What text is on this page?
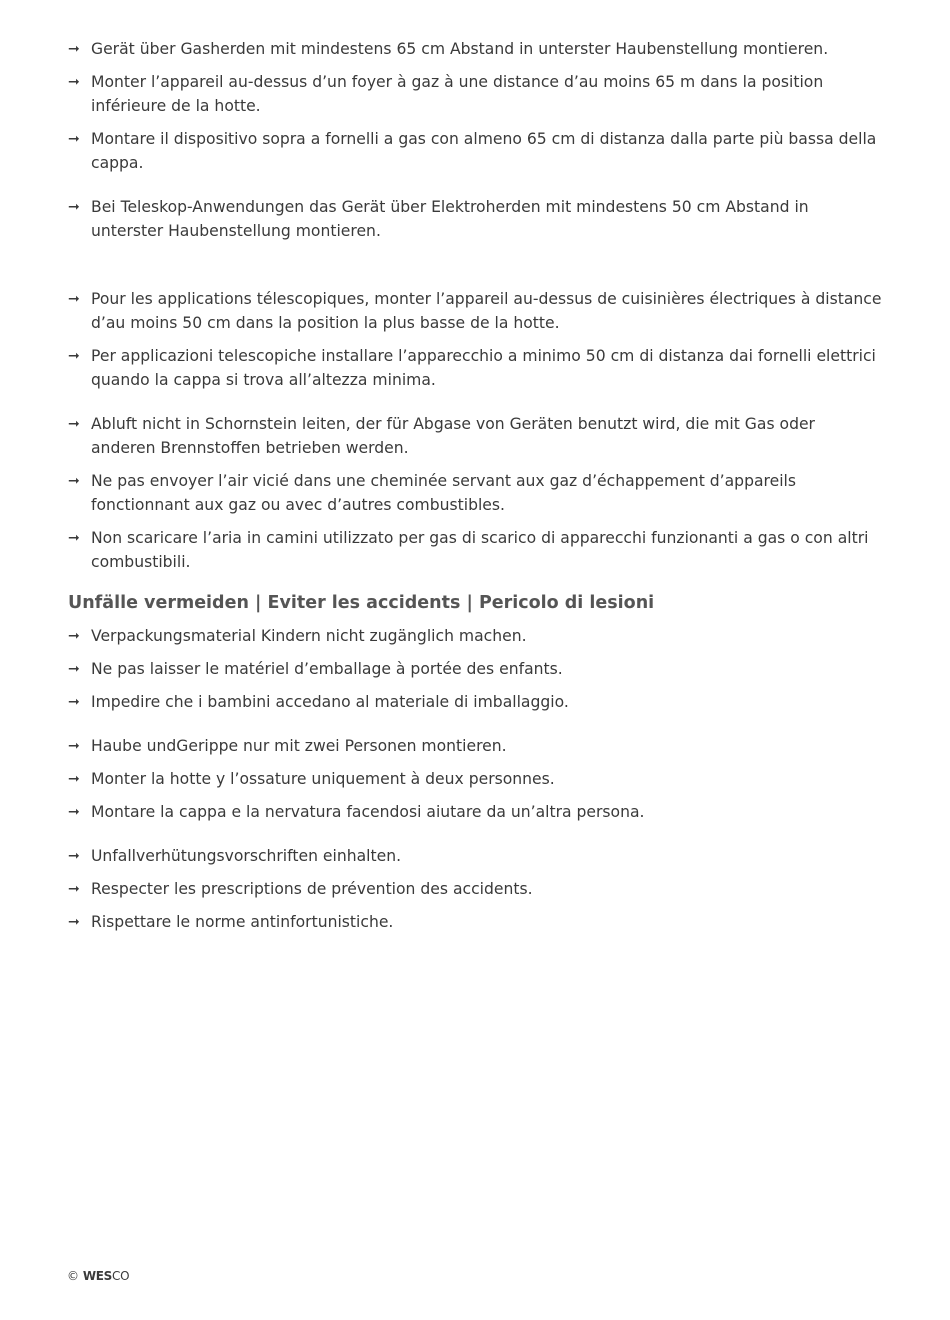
➞ Gerät über Gasherden mit mindestens 65 cm Abstand in unterster Haubenstellung montieren.

➞ Monter l’appareil au-dessus d’un foyer à gaz à une distance d’au moins 65 m dans la position inférieure de la hotte.

➞ Montare il dispositivo sopra a fornelli a gas con almeno 65 cm di distanza dalla parte più bassa della cappa.

➞ Bei Teleskop-Anwendungen das Gerät über Elektroherden mit mindestens 50 cm Abstand in unterster Haubenstellung montieren.

➞ Pour les applications télescopiques, monter l’appareil au-dessus de cuisinières électriques à distance d’au moins 50 cm dans la position la plus basse de la hotte.

➞ Per applicazioni telescopiche installare l’apparecchio a minimo 50 cm di distanza dai fornelli elettrici quando la cappa si trova all’altezza minima.

➞ Abluft nicht in Schornstein leiten, der für Abgase von Geräten benutzt wird, die mit Gas oder anderen Brennstoffen betrieben werden.

➞ Ne pas envoyer l’air vicié dans une cheminée servant aux gaz d’échappement d’appareils fonctionnant aux gaz ou avec d’autres combustibles.

➞ Non scaricare l’aria in camini utilizzato per gas di scarico di apparecchi funzionanti a gas o con altri combustibili.

Unfälle vermeiden | Eviter les accidents | Pericolo di lesioni

➞ Verpackungsmaterial Kindern nicht zugänglich machen.

➞ Ne pas laisser le matériel d’emballage à portée des enfants.

➞ Impedire che i bambini accedano al materiale di imballaggio.

➞ Haube undGerippe nur mit zwei Personen montieren.

➞ Monter la hotte y l’ossature uniquement à deux personnes.

➞ Montare la cappa e la nervatura facendosi aiutare da un’altra persona.

➞ Unfallverhütungsvorschriften einhalten.

➞ Respecter les prescriptions de prévention des accidents.

➞ Rispettare le norme antinfortunistiche.

© WESCO
